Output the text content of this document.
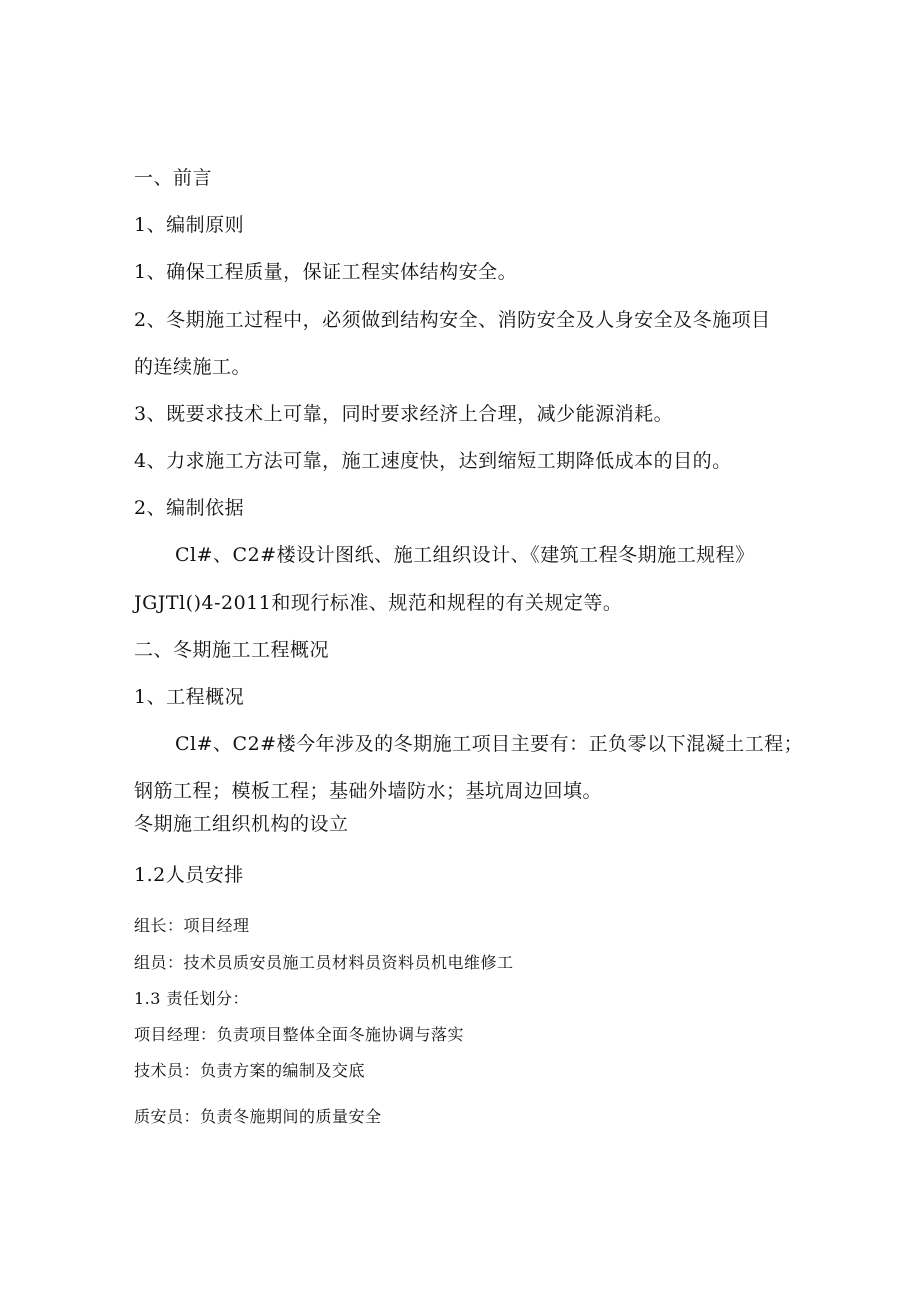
一、前言
1、编制原则
1、确保工程质量，保证工程实体结构安全。
2、冬期施工过程中，必须做到结构安全、消防安全及人身安全及冬施项目
的连续施工。
3、既要求技术上可靠，同时要求经济上合理，减少能源消耗。
4、力求施工方法可靠，施工速度快，达到缩短工期降低成本的目的。
2、编制依据
Cl#、C2#楼设计图纸、施工组织设计、《建筑工程冬期施工规程》
JGJTl()4-2011和现行标准、规范和规程的有关规定等。
二、冬期施工工程概况
1、工程概况
Cl#、C2#楼今年涉及的冬期施工项目主要有：正负零以下混凝土工程；
钢筋工程；模板工程；基础外墙防水；基坑周边回填。
冬期施工组织机构的设立
1.2人员安排
组长：项目经理
组员：技术员质安员施工员材料员资料员机电维修工
1.3 责任划分：
项目经理：负责项目整体全面冬施协调与落实
技术员：负责方案的编制及交底
质安员：负责冬施期间的质量安全
